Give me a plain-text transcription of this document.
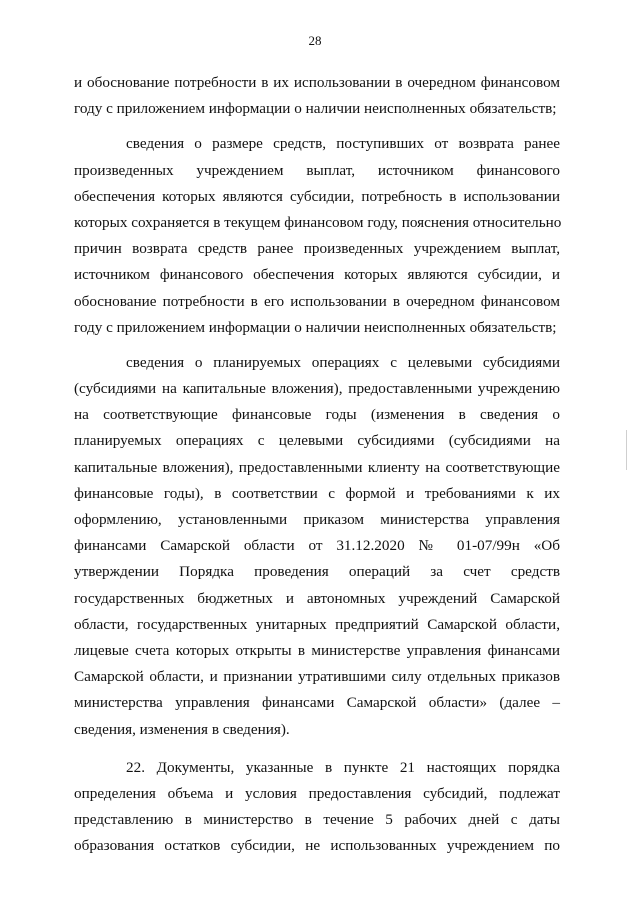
28
и обоснование потребности в их использовании в очередном финансовом
году с приложением информации о наличии неисполненных обязательств;
сведения о размере средств, поступивших от возврата ранее
произведенных учреждением выплат, источником финансового
обеспечения которых являются субсидии, потребность в использовании
которых сохраняется в текущем финансовом году, пояснения относительно
причин возврата средств ранее произведенных учреждением выплат,
источником финансового обеспечения которых являются субсидии, и
обоснование потребности в его использовании в очередном финансовом
году с приложением информации о наличии неисполненных обязательств;
сведения о планируемых операциях с целевыми субсидиями
(субсидиями на капитальные вложения), предоставленными учреждению
на соответствующие финансовые годы (изменения в сведения о
планируемых операциях с целевыми субсидиями (субсидиями на
капитальные вложения), предоставленными клиенту на соответствующие
финансовые годы), в соответствии с формой и требованиями к их
оформлению, установленными приказом министерства управления
финансами Самарской области от 31.12.2020 № 01-07/99н «Об
утверждении Порядка проведения операций за счет средств
государственных бюджетных и автономных учреждений Самарской
области, государственных унитарных предприятий Самарской области,
лицевые счета которых открыты в министерстве управления финансами
Самарской области, и признании утратившими силу отдельных приказов
министерства управления финансами Самарской области» (далее –
сведения, изменения в сведения).
22. Документы, указанные в пункте 21 настоящих порядка
определения объема и условия предоставления субсидий, подлежат
представлению в министерство в течение 5 рабочих дней с даты
образования остатков субсидии, не использованных учреждением по
